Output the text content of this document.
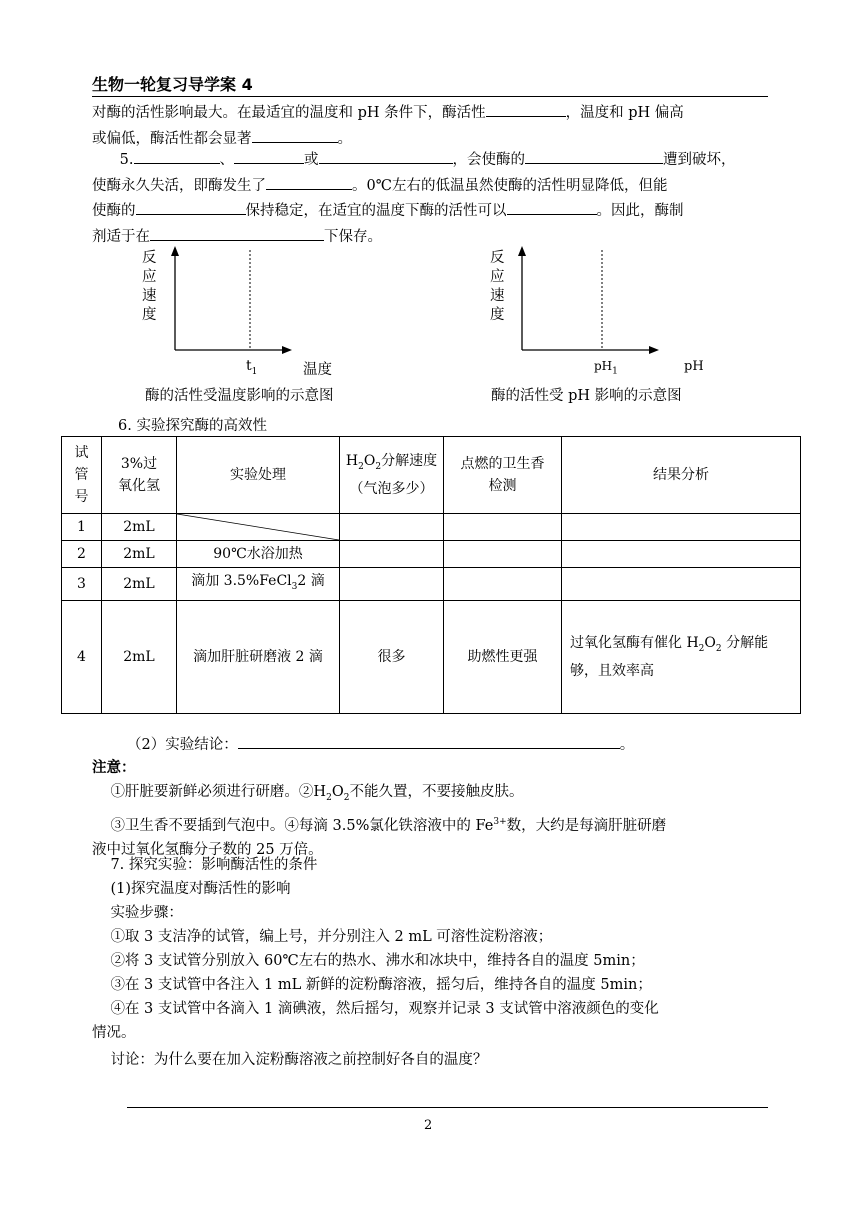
生物一轮复习导学案 4
对酶的活性影响最大。在最适宜的温度和 pH 条件下，酶活性	，温度和 pH 偏高
或偏低，酶活性都会显著	。
5.	、	或	，会使酶的	遭到破坏，
使酶永久失活，即酶发生了	。0℃左右的低温虽然使酶的活性明显降低，但能
使酶的	保持稳定，在适宜的温度下酶的活性可以	。因此，酶制
剂适于在	下保存。
反
应
速
度
$t_1$	温度
酶的活性受温度影响的示意图
反
应
速
度
$pH_1$	pH
酶的活性受 pH 影响的示意图
6. 实验探究酶的高效性
试管号	3%过氧化氢	实验处理	$H_2O_2$分解速度（气泡多少）	点燃的卫生香检测	结果分析
1	2mL	

2	2mL	90℃水浴加热			
3	2mL	滴加 3.5%FeCl$_3$2 滴			
4	2mL	滴加肝脏研磨液 2 滴	很多	助燃性更强	过氧化氢酶有催化 $H_2O_2$ 分解能够，且效率高
（2）实验结论：	。
注意：
①肝脏要新鲜必须进行研磨。$②H_2O_2$不能久置，不要接触皮肤。
③卫生香不要插到气泡中。④每滴 3.5%氯化铁溶液中的 $Fe^{3+}$数，大约是每滴肝脏研磨
液中过氧化氢酶分子数的 25 万倍。
7. 探究实验：影响酶活性的条件
(1)探究温度对酶活性的影响
实验步骤：
①取 3 支洁净的试管，编上号，并分别注入 2 mL 可溶性淀粉溶液；
②将 3 支试管分别放入 60℃左右的热水、沸水和冰块中，维持各自的温度 5min；
③在 3 支试管中各注入 1 mL 新鲜的淀粉酶溶液，摇匀后，维持各自的温度 5min；
④在 3 支试管中各滴入 1 滴碘液，然后摇匀，观察并记录 3 支试管中溶液颜色的变化
情况。
讨论：为什么要在加入淀粉酶溶液之前控制好各自的温度？
2
